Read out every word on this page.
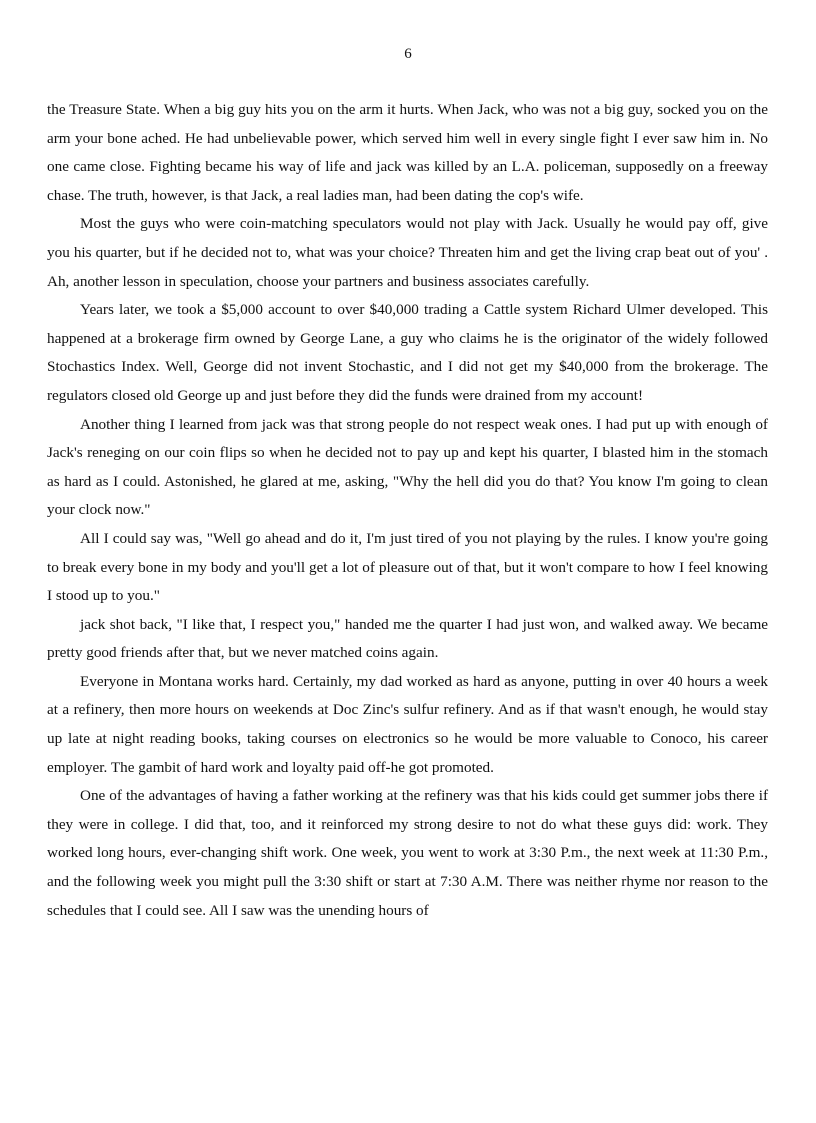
6

the Treasure State. When a big guy hits you on the arm it hurts. When Jack, who was not a big guy, socked you on the arm your bone ached. He had unbelievable power, which served him well in every single fight I ever saw him in. No one came close. Fighting became his way of life and jack was killed by an L.A. policeman, supposedly on a freeway chase. The truth, however, is that Jack, a real ladies man, had been dating the cop's wife.

Most the guys who were coin-matching speculators would not play with Jack. Usually he would pay off, give you his quarter, but if he decided not to, what was your choice? Threaten him and get the living crap beat out of you' . Ah, another lesson in speculation, choose your partners and business associates carefully.

Years later, we took a $5,000 account to over $40,000 trading a Cattle system Richard Ulmer developed. This happened at a brokerage firm owned by George Lane, a guy who claims he is the originator of the widely followed Stochastics Index. Well, George did not invent Stochastic, and I did not get my $40,000 from the brokerage. The regulators closed old George up and just before they did the funds were drained from my account!

Another thing I learned from jack was that strong people do not respect weak ones. I had put up with enough of Jack's reneging on our coin flips so when he decided not to pay up and kept his quarter, I blasted him in the stomach as hard as I could. Astonished, he glared at me, asking, "Why the hell did you do that? You know I'm going to clean your clock now."

All I could say was, "Well go ahead and do it, I'm just tired of you not playing by the rules. I know you're going to break every bone in my body and you'll get a lot of pleasure out of that, but it won't compare to how I feel knowing I stood up to you."

jack shot back, "I like that, I respect you," handed me the quarter I had just won, and walked away. We became pretty good friends after that, but we never matched coins again.

Everyone in Montana works hard. Certainly, my dad worked as hard as anyone, putting in over 40 hours a week at a refinery, then more hours on weekends at Doc Zinc's sulfur refinery. And as if that wasn't enough, he would stay up late at night reading books, taking courses on electronics so he would be more valuable to Conoco, his career employer. The gambit of hard work and loyalty paid off-he got promoted.

One of the advantages of having a father working at the refinery was that his kids could get summer jobs there if they were in college. I did that, too, and it reinforced my strong desire to not do what these guys did: work. They worked long hours, ever-changing shift work. One week, you went to work at 3:30 P.m., the next week at 11:30 P.m., and the following week you might pull the 3:30 shift or start at 7:30 A.M. There was neither rhyme nor reason to the schedules that I could see. All I saw was the unending hours of
